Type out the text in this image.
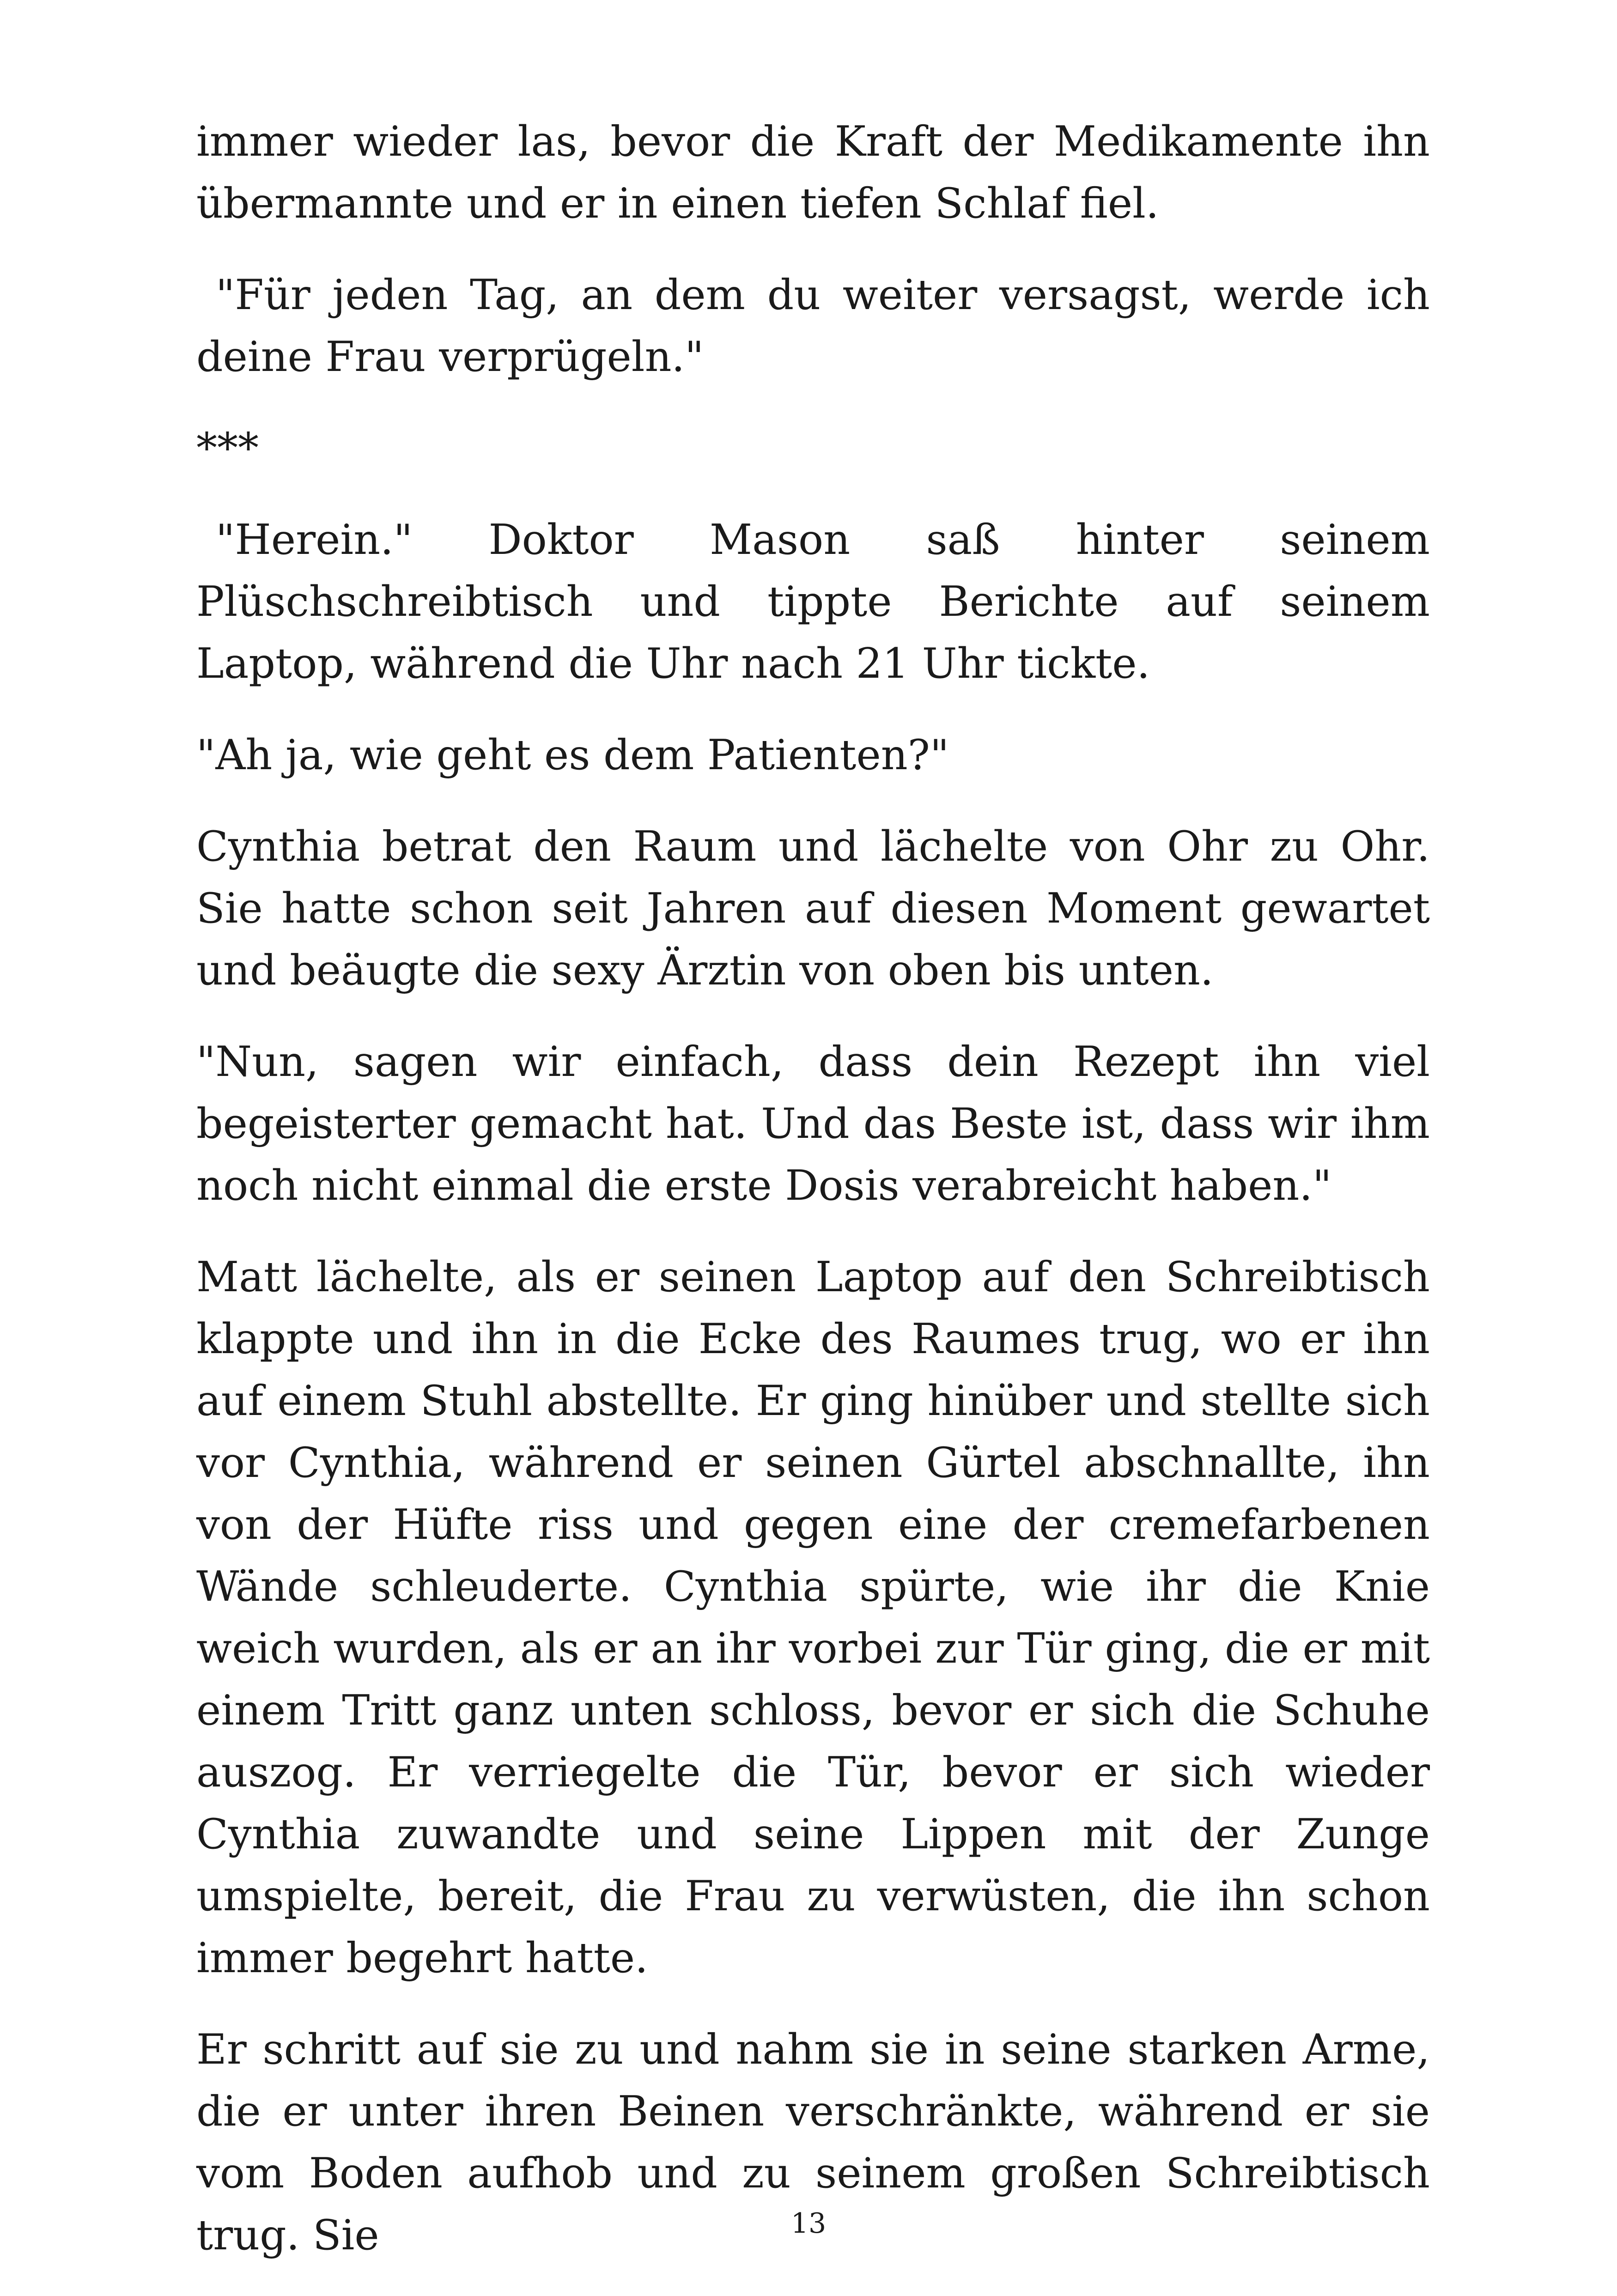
immer wieder las, bevor die Kraft der Medikamente ihn übermannte und er in einen tiefen Schlaf fiel.

"Für jeden Tag, an dem du weiter versagst, werde ich deine Frau verprügeln."

***

"Herein." Doktor Mason saß hinter seinem Plüschschreibtisch und tippte Berichte auf seinem Laptop, während die Uhr nach 21 Uhr tickte.

"Ah ja, wie geht es dem Patienten?"

Cynthia betrat den Raum und lächelte von Ohr zu Ohr. Sie hatte schon seit Jahren auf diesen Moment gewartet und beäugte die sexy Ärztin von oben bis unten.

"Nun, sagen wir einfach, dass dein Rezept ihn viel begeisterter gemacht hat. Und das Beste ist, dass wir ihm noch nicht einmal die erste Dosis verabreicht haben."

Matt lächelte, als er seinen Laptop auf den Schreibtisch klappte und ihn in die Ecke des Raumes trug, wo er ihn auf einem Stuhl abstellte. Er ging hinüber und stellte sich vor Cynthia, während er seinen Gürtel abschnallte, ihn von der Hüfte riss und gegen eine der cremefarbenen Wände schleuderte. Cynthia spürte, wie ihr die Knie weich wurden, als er an ihr vorbei zur Tür ging, die er mit einem Tritt ganz unten schloss, bevor er sich die Schuhe auszog. Er verriegelte die Tür, bevor er sich wieder Cynthia zuwandte und seine Lippen mit der Zunge umspielte, bereit, die Frau zu verwüsten, die ihn schon immer begehrt hatte.

Er schritt auf sie zu und nahm sie in seine starken Arme, die er unter ihren Beinen verschränkte, während er sie vom Boden aufhob und zu seinem großen Schreibtisch trug. Sie	13
